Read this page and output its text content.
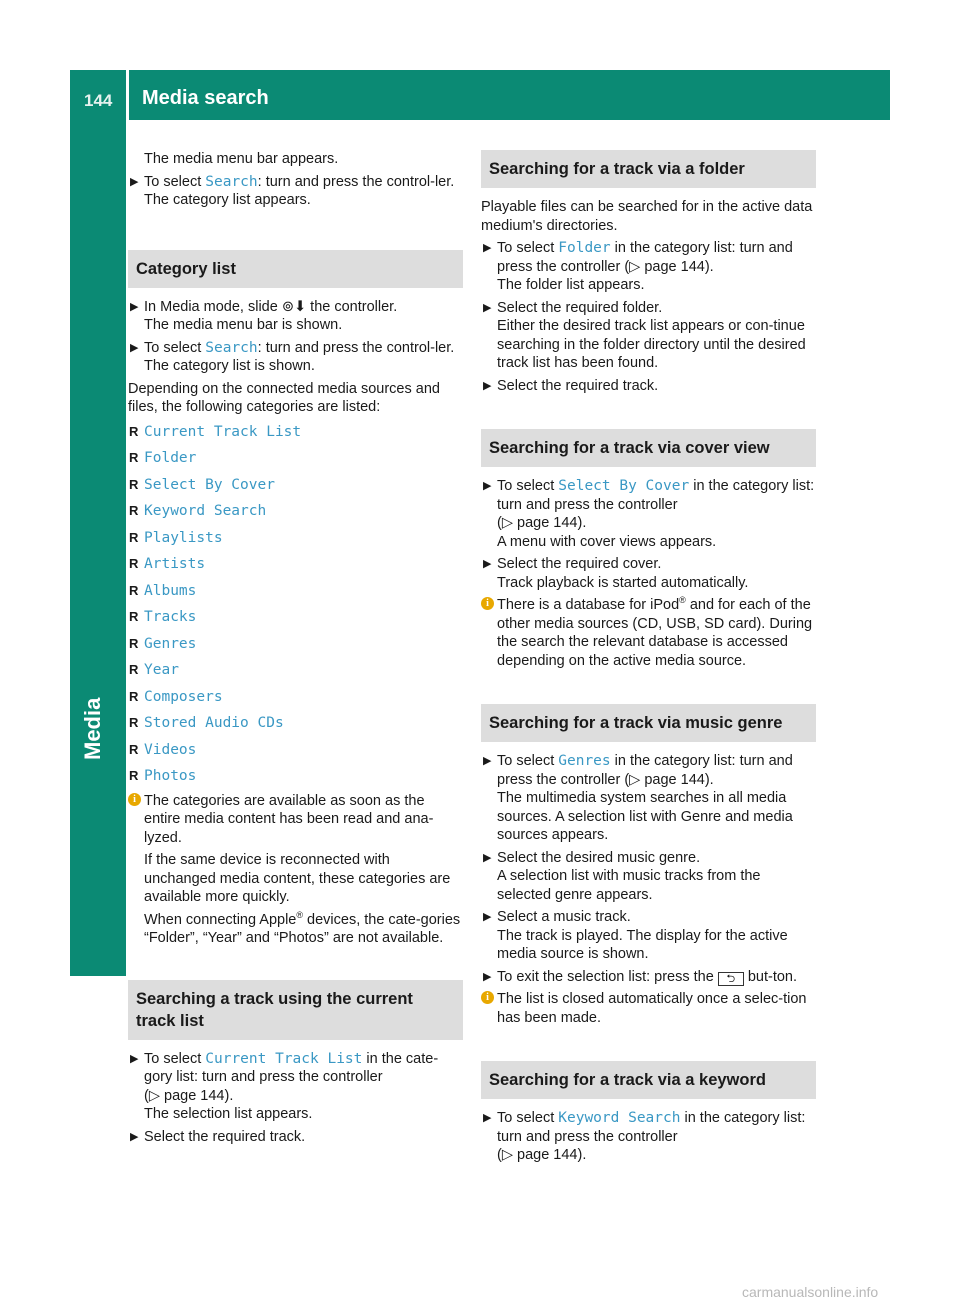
144 Media search
Media

The media menu bar appears.

▶ To select Search: turn and press the control-ler.
The category list appears.
Category list
▶ In Media mode, slide ⊚⬇ the controller.
The media menu bar is shown.
▶ To select Search: turn and press the control-ler.
The category list is shown.

Depending on the connected media sources and files, the following categories are listed:

R Current Track List
R Folder
R Select By Cover
R Keyword Search
R Playlists
R Artists
R Albums
R Tracks
R Genres
R Year
R Composers
R Stored Audio CDs
R Videos
R Photos
i The categories are available as soon as the entire media content has been read and ana-lyzed.

If the same device is reconnected with unchanged media content, these categories are available more quickly.

When connecting Apple® devices, the cate-gories “Folder”, “Year” and “Photos” are not available.

Searching a track using the current track list
▶ To select Current Track List in the cate-gory list: turn and press the controller
(▷ page 144).
The selection list appears.
▶ Select the required track.
Searching for a track via a folder

Playable files can be searched for in the active data medium's directories.

▶ To select Folder in the category list: turn and press the controller (▷ page 144).
The folder list appears.
▶ Select the required folder.
Either the desired track list appears or con-tinue searching in the folder directory until the desired track list has been found.
▶ Select the required track.
Searching for a track via cover view
▶ To select Select By Cover in the category list: turn and press the controller
(▷ page 144).
A menu with cover views appears.
▶ Select the required cover.
Track playback is started automatically.
i There is a database for iPod® and for each of the other media sources (CD, USB, SD card). During the search the relevant database is accessed depending on the active media source.

Searching for a track via music genre
▶ To select Genres in the category list: turn and press the controller (▷ page 144).
The multimedia system searches in all media sources. A selection list with Genre and media sources appears.
▶ Select the desired music genre.
A selection list with music tracks from the selected genre appears.
▶ Select a music track.
The track is played. The display for the active media source is shown.
▶ To exit the selection list: press the ⮌ but-ton.
i The list is closed automatically once a selec-tion has been made.

Searching for a track via a keyword
▶ To select Keyword Search in the category list: turn and press the controller
(▷ page 144).
carmanualsonline.info
